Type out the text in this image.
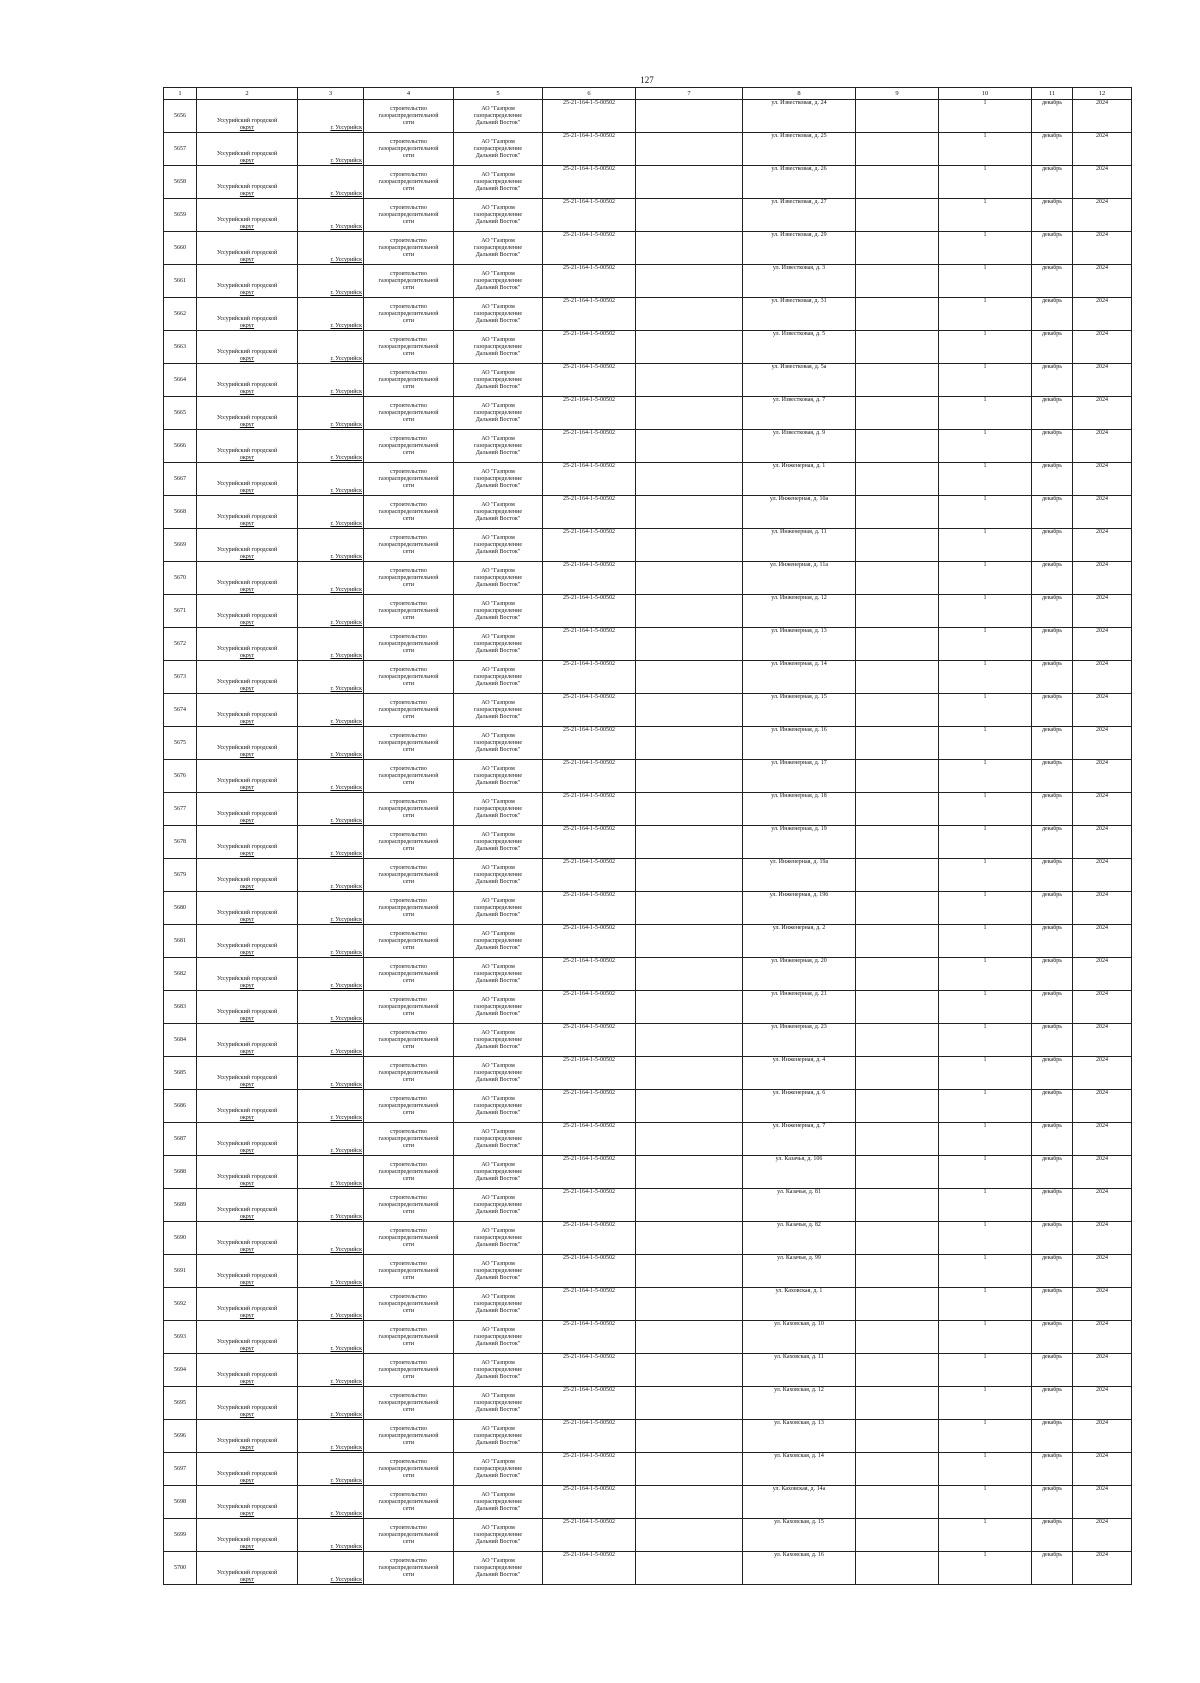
127
1	2	3	4	5	6	7	8	9	10	11	12
5656	Уссурийский городской
округ	г. Уссурийск	строительство
газораспределительной
сети	АО "Газпром
газораспределение
Дальний Восток"	25-21-164-1-5-00502		ул. Известковая, д. 24		1	декабрь	2024
5657	Уссурийский городской
округ	г. Уссурийск	строительство
газораспределительной
сети	АО "Газпром
газораспределение
Дальний Восток"	25-21-164-1-5-00502		ул. Известковая, д. 25		1	декабрь	2024
5658	Уссурийский городской
округ	г. Уссурийск	строительство
газораспределительной
сети	АО "Газпром
газораспределение
Дальний Восток"	25-21-164-1-5-00502		ул. Известковая, д. 26		1	декабрь	2024
5659	Уссурийский городской
округ	г. Уссурийск	строительство
газораспределительной
сети	АО "Газпром
газораспределение
Дальний Восток"	25-21-164-1-5-00502		ул. Известковая, д. 27		1	декабрь	2024
5660	Уссурийский городской
округ	г. Уссурийск	строительство
газораспределительной
сети	АО "Газпром
газораспределение
Дальний Восток"	25-21-164-1-5-00502		ул. Известковая, д. 29		1	декабрь	2024
5661	Уссурийский городской
округ	г. Уссурийск	строительство
газораспределительной
сети	АО "Газпром
газораспределение
Дальний Восток"	25-21-164-1-5-00502		ул. Известковая, д. 3		1	декабрь	2024
5662	Уссурийский городской
округ	г. Уссурийск	строительство
газораспределительной
сети	АО "Газпром
газораспределение
Дальний Восток"	25-21-164-1-5-00502		ул. Известковая, д. 31		1	декабрь	2024
5663	Уссурийский городской
округ	г. Уссурийск	строительство
газораспределительной
сети	АО "Газпром
газораспределение
Дальний Восток"	25-21-164-1-5-00502		ул. Известковая, д. 5		1	декабрь	2024
5664	Уссурийский городской
округ	г. Уссурийск	строительство
газораспределительной
сети	АО "Газпром
газораспределение
Дальний Восток"	25-21-164-1-5-00502		ул. Известковая, д. 5а		1	декабрь	2024
5665	Уссурийский городской
округ	г. Уссурийск	строительство
газораспределительной
сети	АО "Газпром
газораспределение
Дальний Восток"	25-21-164-1-5-00502		ул. Известковая, д. 7		1	декабрь	2024
5666	Уссурийский городской
округ	г. Уссурийск	строительство
газораспределительной
сети	АО "Газпром
газораспределение
Дальний Восток"	25-21-164-1-5-00502		ул. Известковая, д. 9		1	декабрь	2024
5667	Уссурийский городской
округ	г. Уссурийск	строительство
газораспределительной
сети	АО "Газпром
газораспределение
Дальний Восток"	25-21-164-1-5-00502		ул. Инженерная, д. 1		1	декабрь	2024
5668	Уссурийский городской
округ	г. Уссурийск	строительство
газораспределительной
сети	АО "Газпром
газораспределение
Дальний Восток"	25-21-164-1-5-00502		ул. Инженерная, д. 10а		1	декабрь	2024
5669	Уссурийский городской
округ	г. Уссурийск	строительство
газораспределительной
сети	АО "Газпром
газораспределение
Дальний Восток"	25-21-164-1-5-00502		ул. Инженерная, д. 11		1	декабрь	2024
5670	Уссурийский городской
округ	г. Уссурийск	строительство
газораспределительной
сети	АО "Газпром
газораспределение
Дальний Восток"	25-21-164-1-5-00502		ул. Инженерная, д. 11а		1	декабрь	2024
5671	Уссурийский городской
округ	г. Уссурийск	строительство
газораспределительной
сети	АО "Газпром
газораспределение
Дальний Восток"	25-21-164-1-5-00502		ул. Инженерная, д. 12		1	декабрь	2024
5672	Уссурийский городской
округ	г. Уссурийск	строительство
газораспределительной
сети	АО "Газпром
газораспределение
Дальний Восток"	25-21-164-1-5-00502		ул. Инженерная, д. 13		1	декабрь	2024
5673	Уссурийский городской
округ	г. Уссурийск	строительство
газораспределительной
сети	АО "Газпром
газораспределение
Дальний Восток"	25-21-164-1-5-00502		ул. Инженерная, д. 14		1	декабрь	2024
5674	Уссурийский городской
округ	г. Уссурийск	строительство
газораспределительной
сети	АО "Газпром
газораспределение
Дальний Восток"	25-21-164-1-5-00502		ул. Инженерная, д. 15		1	декабрь	2024
5675	Уссурийский городской
округ	г. Уссурийск	строительство
газораспределительной
сети	АО "Газпром
газораспределение
Дальний Восток"	25-21-164-1-5-00502		ул. Инженерная, д. 16		1	декабрь	2024
5676	Уссурийский городской
округ	г. Уссурийск	строительство
газораспределительной
сети	АО "Газпром
газораспределение
Дальний Восток"	25-21-164-1-5-00502		ул. Инженерная, д. 17		1	декабрь	2024
5677	Уссурийский городской
округ	г. Уссурийск	строительство
газораспределительной
сети	АО "Газпром
газораспределение
Дальний Восток"	25-21-164-1-5-00502		ул. Инженерная, д. 18		1	декабрь	2024
5678	Уссурийский городской
округ	г. Уссурийск	строительство
газораспределительной
сети	АО "Газпром
газораспределение
Дальний Восток"	25-21-164-1-5-00502		ул. Инженерная, д. 19		1	декабрь	2024
5679	Уссурийский городской
округ	г. Уссурийск	строительство
газораспределительной
сети	АО "Газпром
газораспределение
Дальний Восток"	25-21-164-1-5-00502		ул. Инженерная, д. 19а		1	декабрь	2024
5680	Уссурийский городской
округ	г. Уссурийск	строительство
газораспределительной
сети	АО "Газпром
газораспределение
Дальний Восток"	25-21-164-1-5-00502		ул. Инженерная, д. 19б		1	декабрь	2024
5681	Уссурийский городской
округ	г. Уссурийск	строительство
газораспределительной
сети	АО "Газпром
газораспределение
Дальний Восток"	25-21-164-1-5-00502		ул. Инженерная, д. 2		1	декабрь	2024
5682	Уссурийский городской
округ	г. Уссурийск	строительство
газораспределительной
сети	АО "Газпром
газораспределение
Дальний Восток"	25-21-164-1-5-00502		ул. Инженерная, д. 20		1	декабрь	2024
5683	Уссурийский городской
округ	г. Уссурийск	строительство
газораспределительной
сети	АО "Газпром
газораспределение
Дальний Восток"	25-21-164-1-5-00502		ул. Инженерная, д. 21		1	декабрь	2024
5684	Уссурийский городской
округ	г. Уссурийск	строительство
газораспределительной
сети	АО "Газпром
газораспределение
Дальний Восток"	25-21-164-1-5-00502		ул. Инженерная, д. 23		1	декабрь	2024
5685	Уссурийский городской
округ	г. Уссурийск	строительство
газораспределительной
сети	АО "Газпром
газораспределение
Дальний Восток"	25-21-164-1-5-00502		ул. Инженерная, д. 4		1	декабрь	2024
5686	Уссурийский городской
округ	г. Уссурийск	строительство
газораспределительной
сети	АО "Газпром
газораспределение
Дальний Восток"	25-21-164-1-5-00502		ул. Инженерная, д. 6		1	декабрь	2024
5687	Уссурийский городской
округ	г. Уссурийск	строительство
газораспределительной
сети	АО "Газпром
газораспределение
Дальний Восток"	25-21-164-1-5-00502		ул. Инженерная, д. 7		1	декабрь	2024
5688	Уссурийский городской
округ	г. Уссурийск	строительство
газораспределительной
сети	АО "Газпром
газораспределение
Дальний Восток"	25-21-164-1-5-00502		ул. Казачья, д. 106		1	декабрь	2024
5689	Уссурийский городской
округ	г. Уссурийск	строительство
газораспределительной
сети	АО "Газпром
газораспределение
Дальний Восток"	25-21-164-1-5-00502		ул. Казачья, д. 81		1	декабрь	2024
5690	Уссурийский городской
округ	г. Уссурийск	строительство
газораспределительной
сети	АО "Газпром
газораспределение
Дальний Восток"	25-21-164-1-5-00502		ул. Казачья, д. 82		1	декабрь	2024
5691	Уссурийский городской
округ	г. Уссурийск	строительство
газораспределительной
сети	АО "Газпром
газораспределение
Дальний Восток"	25-21-164-1-5-00502		ул. Казачья, д. 99		1	декабрь	2024
5692	Уссурийский городской
округ	г. Уссурийск	строительство
газораспределительной
сети	АО "Газпром
газораспределение
Дальний Восток"	25-21-164-1-5-00502		ул. Каховская, д. 1		1	декабрь	2024
5693	Уссурийский городской
округ	г. Уссурийск	строительство
газораспределительной
сети	АО "Газпром
газораспределение
Дальний Восток"	25-21-164-1-5-00502		ул. Каховская, д. 10		1	декабрь	2024
5694	Уссурийский городской
округ	г. Уссурийск	строительство
газораспределительной
сети	АО "Газпром
газораспределение
Дальний Восток"	25-21-164-1-5-00502		ул. Каховская, д. 11		1	декабрь	2024
5695	Уссурийский городской
округ	г. Уссурийск	строительство
газораспределительной
сети	АО "Газпром
газораспределение
Дальний Восток"	25-21-164-1-5-00502		ул. Каховская, д. 12		1	декабрь	2024
5696	Уссурийский городской
округ	г. Уссурийск	строительство
газораспределительной
сети	АО "Газпром
газораспределение
Дальний Восток"	25-21-164-1-5-00502		ул. Каховская, д. 13		1	декабрь	2024
5697	Уссурийский городской
округ	г. Уссурийск	строительство
газораспределительной
сети	АО "Газпром
газораспределение
Дальний Восток"	25-21-164-1-5-00502		ул. Каховская, д. 14		1	декабрь	2024
5698	Уссурийский городской
округ	г. Уссурийск	строительство
газораспределительной
сети	АО "Газпром
газораспределение
Дальний Восток"	25-21-164-1-5-00502		ул. Каховская, д. 14а		1	декабрь	2024
5699	Уссурийский городской
округ	г. Уссурийск	строительство
газораспределительной
сети	АО "Газпром
газораспределение
Дальний Восток"	25-21-164-1-5-00502		ул. Каховская, д. 15		1	декабрь	2024
5700	Уссурийский городской
округ	г. Уссурийск	строительство
газораспределительной
сети	АО "Газпром
газораспределение
Дальний Восток"	25-21-164-1-5-00502		ул. Каховская, д. 16		1	декабрь	2024
